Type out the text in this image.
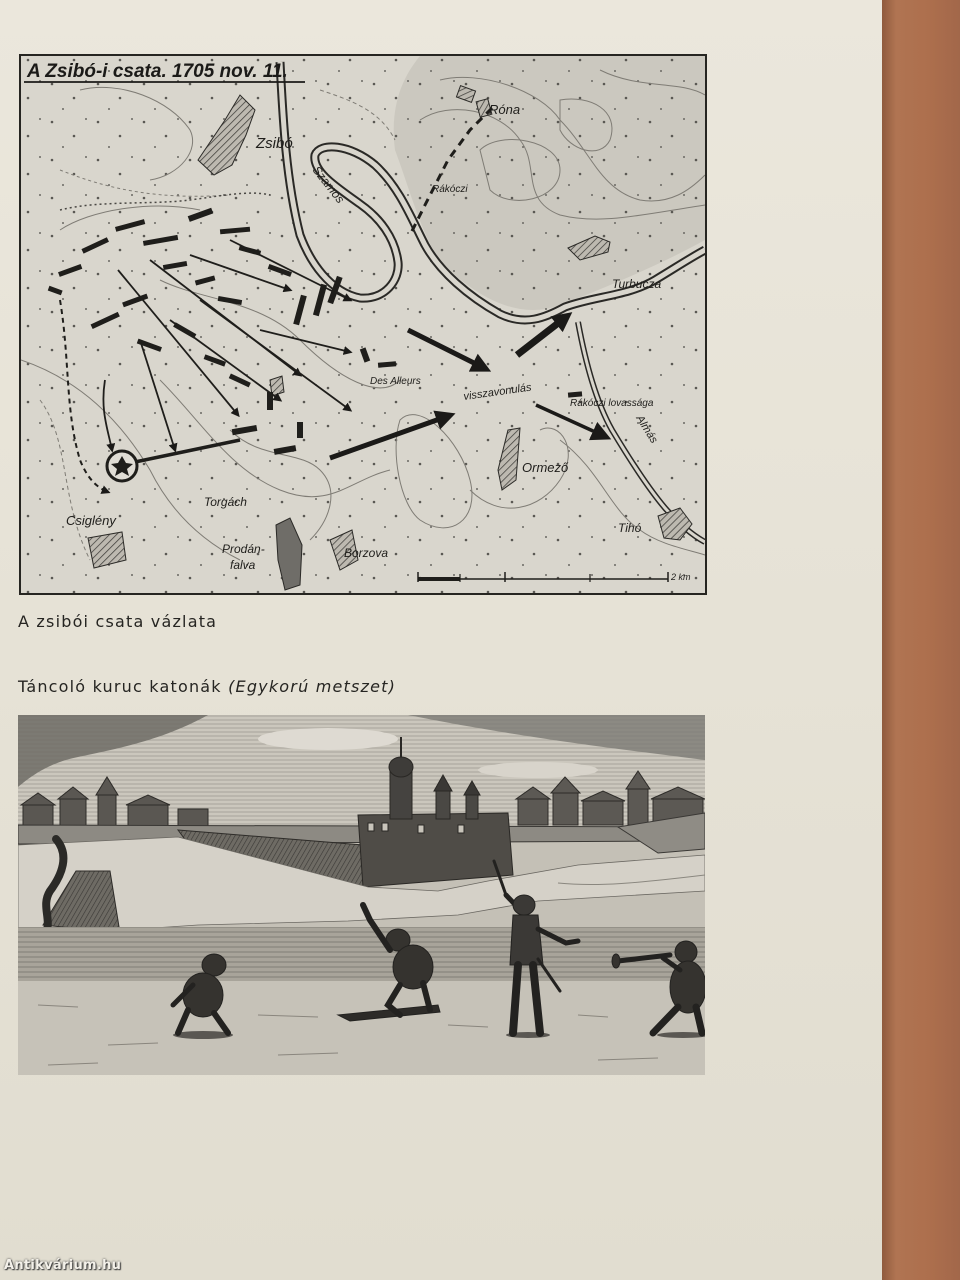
2 km
A Zsibó-i csata. 1705 nov. 11.
Zsibó
Szamos
Róna
Rákóczi
Turbucza
visszavonulás
Rákóczi lovassága
Des Alleurs
Ormező
Almás
Tihó
Csiglény
Torgách
Prodán-
falva
Borzova

A zsibói csata vázlata

Táncoló kuruc katonák (Egykorú metszet)

Antikvárium.hu
